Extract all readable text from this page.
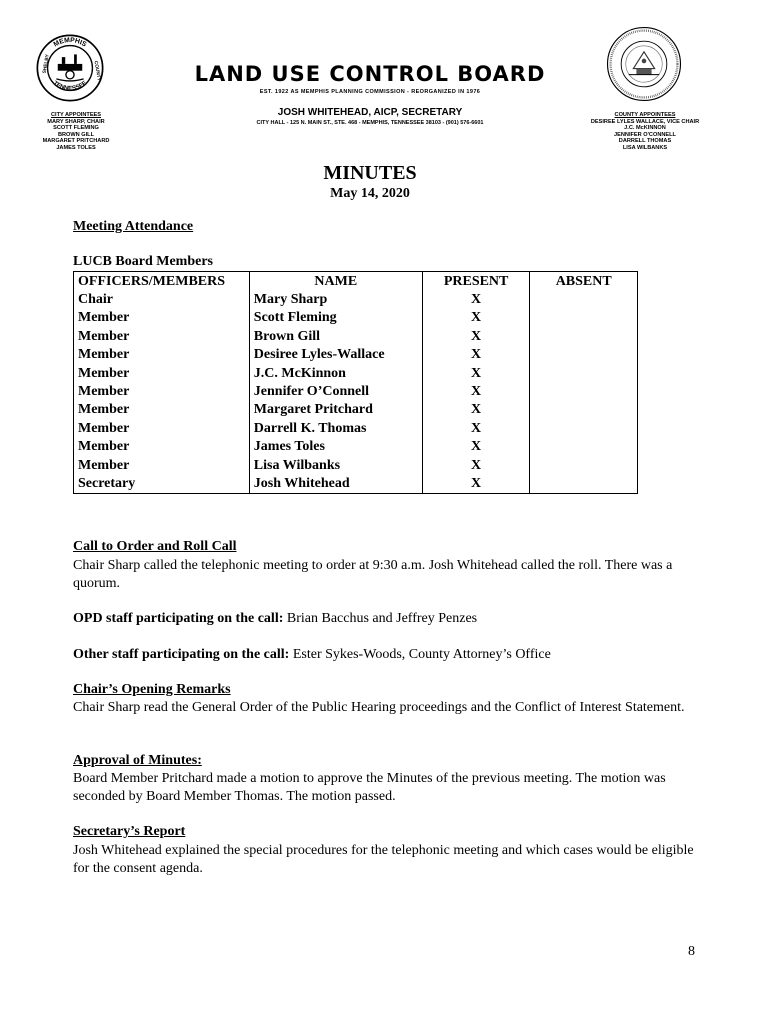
MEMPHIS
TENNESSEE
SHELBY	COUNTY	LAND USE CONTROL BOARD
EST. 1922 AS MEMPHIS PLANNING COMMISSION - REORGANIZED IN 1976
JOSH WHITEHEAD, AICP, SECRETARY
CITY HALL - 125 N. MAIN ST., STE. 468 - MEMPHIS, TENNESSEE 38103 - (901) 576-6601
CITY APPOINTEES
MARY SHARP, CHAIR
SCOTT FLEMING
BROWN GILL
MARGARET PRITCHARD
JAMES TOLES
COUNTY APPOINTEES
DESIREE LYLES WALLACE, VICE CHAIR
J.C. McKINNON
JENNIFER O'CONNELL
DARRELL THOMAS
LISA WILBANKS
MINUTES
May 14, 2020
Meeting Attendance
LUCB Board Members
OFFICERS/MEMBERS	NAME	PRESENT	ABSENT
Chair	Mary Sharp	X	
Member	Scott Fleming	X	
Member	Brown Gill	X	
Member	Desiree Lyles-Wallace	X	
Member	J.C. McKinnon	X	
Member	Jennifer O’Connell	X	
Member	Margaret Pritchard	X	
Member	Darrell K. Thomas	X	
Member	James Toles	X	
Member	Lisa Wilbanks	X	
Secretary	Josh Whitehead	X	
Call to Order and Roll Call
Chair Sharp called the telephonic meeting to order at 9:30 a.m. Josh Whitehead called the roll. There was a quorum.
OPD staff participating on the call: Brian Bacchus and Jeffrey Penzes
Other staff participating on the call: Ester Sykes-Woods, County Attorney’s Office
Chair’s Opening Remarks
Chair Sharp read the General Order of the Public Hearing proceedings and the Conflict of Interest Statement.
Approval of Minutes:
Board Member Pritchard made a motion to approve the Minutes of the previous meeting. The motion was seconded by Board Member Thomas. The motion passed.
Secretary’s Report
Josh Whitehead explained the special procedures for the telephonic meeting and which cases would be eligible for the consent agenda.
8
